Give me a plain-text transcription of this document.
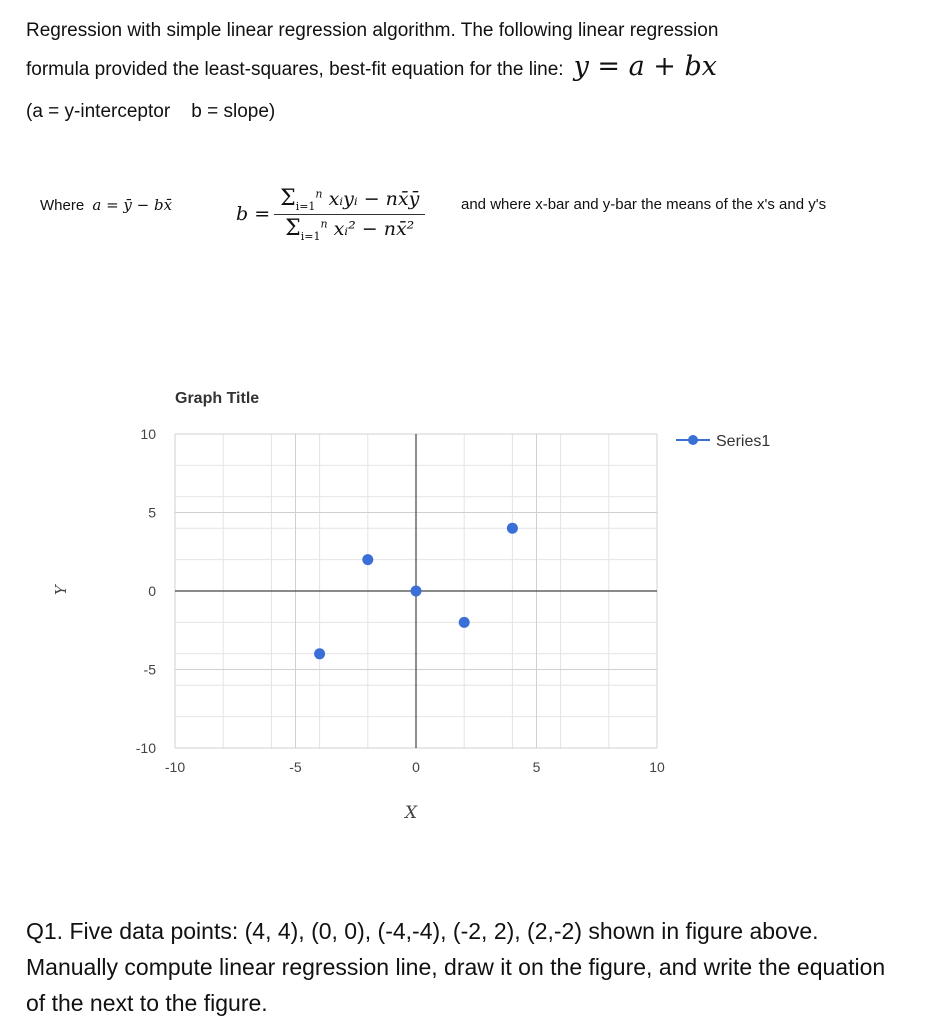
Regression with simple linear regression algorithm. The following linear regression
formula provided the least-squares, best-fit equation for the line: y = a + bx
(a = y-interceptor    b = slope)
Where a = ȳ − bx̄	$b = \frac{\Sigma_{i=1}^n xᵢyᵢ - nx̄ȳ}{\Sigma_{i=1}^n xᵢ^2 - nx̄^2}$ and where x-bar and y-bar the means of the x's and y's
Graph Title
10
5
0
-5
-10
-10	-5	0	5	10
X
Y
Series1
Q1. Five data points: (4, 4), (0, 0), (-4,-4), (-2, 2), (2,-2) shown in figure above. Manually compute linear regression line, draw it on the figure, and write the equation of the next to the figure.
